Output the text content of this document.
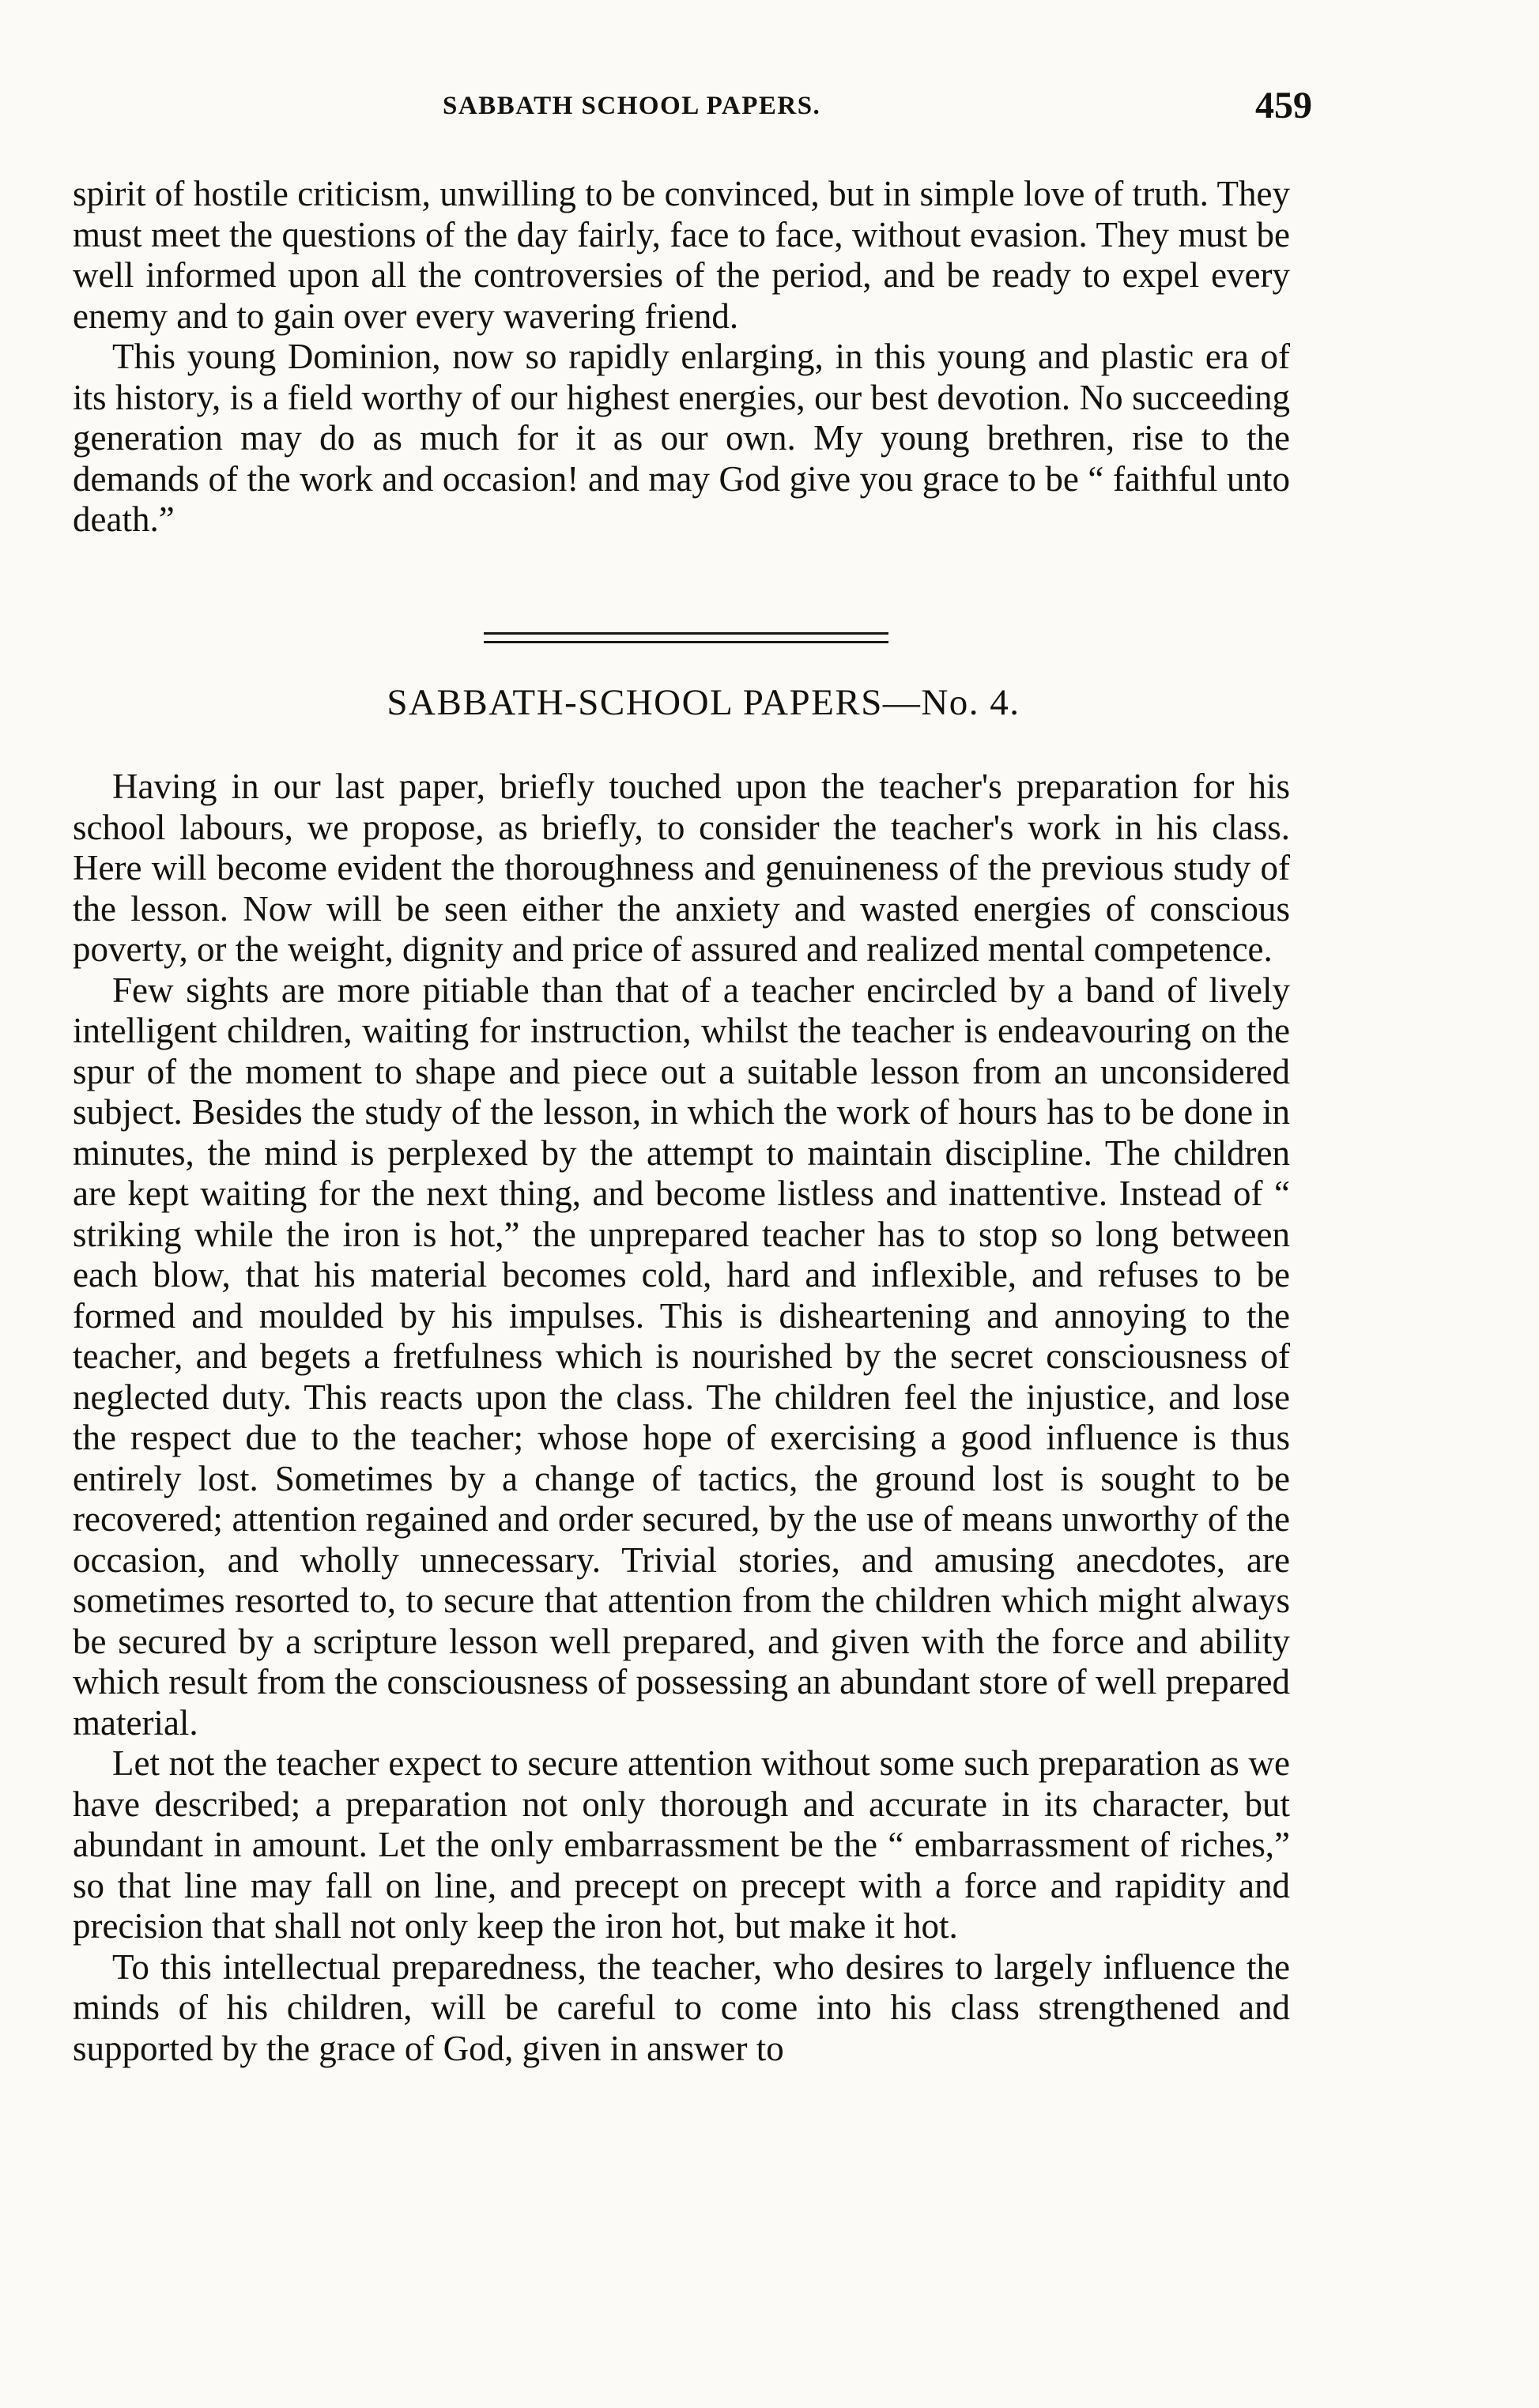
SABBATH SCHOOL PAPERS.	459

spirit of hostile criticism, unwilling to be convinced, but in simple love of truth. They must meet the questions of the day fairly, face to face, without evasion. They must be well informed upon all the controversies of the period, and be ready to expel every enemy and to gain over every wavering friend.

This young Dominion, now so rapidly enlarging, in this young and plastic era of its history, is a field worthy of our highest energies, our best devotion. No succeeding generation may do as much for it as our own. My young brethren, rise to the demands of the work and occasion! and may God give you grace to be “ faithful unto death.”

SABBATH-SCHOOL PAPERS—No. 4.

Having in our last paper, briefly touched upon the teacher's preparation for his school labours, we propose, as briefly, to consider the teacher's work in his class. Here will become evident the thoroughness and genuineness of the previous study of the lesson. Now will be seen either the anxiety and wasted energies of conscious poverty, or the weight, dignity and price of assured and realized mental competence.

Few sights are more pitiable than that of a teacher encircled by a band of lively intelligent children, waiting for instruction, whilst the teacher is endeavouring on the spur of the moment to shape and piece out a suitable lesson from an unconsidered subject. Besides the study of the lesson, in which the work of hours has to be done in minutes, the mind is perplexed by the attempt to maintain discipline. The children are kept waiting for the next thing, and become listless and inattentive. Instead of “ striking while the iron is hot,” the unprepared teacher has to stop so long between each blow, that his material becomes cold, hard and inflexible, and refuses to be formed and moulded by his impulses. This is disheartening and annoying to the teacher, and begets a fretfulness which is nourished by the secret consciousness of neglected duty. This reacts upon the class. The children feel the injustice, and lose the respect due to the teacher; whose hope of exercising a good influence is thus entirely lost. Sometimes by a change of tactics, the ground lost is sought to be recovered; attention regained and order secured, by the use of means unworthy of the occasion, and wholly unnecessary. Trivial stories, and amusing anecdotes, are sometimes resorted to, to secure that attention from the children which might always be secured by a scripture lesson well prepared, and given with the force and ability which result from the consciousness of possessing an abundant store of well prepared material.

Let not the teacher expect to secure attention without some such preparation as we have described; a preparation not only thorough and accurate in its character, but abundant in amount. Let the only embarrassment be the “ embarrassment of riches,” so that line may fall on line, and precept on precept with a force and rapidity and precision that shall not only keep the iron hot, but make it hot.

To this intellectual preparedness, the teacher, who desires to largely influence the minds of his children, will be careful to come into his class strengthened and supported by the grace of God, given in answer to
